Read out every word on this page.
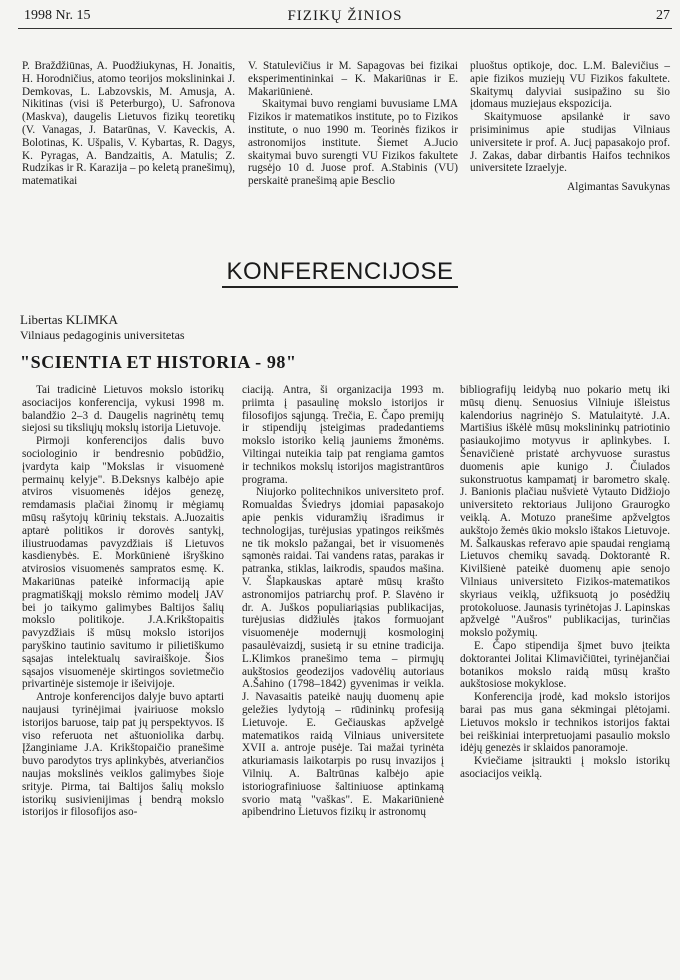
1998 Nr. 15	FIZIKŲ ŽINIOS	27

P. Braždžiūnas, A. Puodžiukynas, H. Jonaitis, H. Horodničius, atomo teorijos mokslininkai J. Demkovas, L. Labzovskis, M. Amusja, A. Nikitinas (visi iš Peterburgo), U. Safronova (Maskva), daugelis Lietuvos fizikų teoretikų (V. Vanagas, J. Batarūnas, V. Kaveckis, A. Bolotinas, K. Ušpalis, V. Kybartas, R. Dagys, K. Pyragas, A. Bandzaitis, A. Matulis; Z. Rudzikas ir R. Karazija – po keletą pranešimų), matematikai

V. Statulevičius ir M. Sapagovas bei fizikai eksperimentininkai – K. Makariūnas ir E. Makariūnienė.

Skaitymai buvo rengiami buvusiame LMA Fizikos ir matematikos institute, po to Fizikos institute, o nuo 1990 m. Teorinės fizikos ir astronomijos institute. Šiemet A.Jucio skaitymai buvo surengti VU Fizikos fakultete rugsėjo 10 d. Juose prof. A.Stabinis (VU) perskaitė pranešimą apie Besclio

pluoštus optikoje, doc. L.M. Balevičius – apie fizikos muziejų VU Fizikos fakultete. Skaitymų dalyviai susipažino su šio įdomaus muziejaus ekspozicija.

Skaitymuose apsilankė ir savo prisiminimus apie studijas Vilniaus universitete ir prof. A. Jucį papasakojo prof. J. Zakas, dabar dirbantis Haifos technikos universitete Izraelyje.

Algimantas Savukynas
KONFERENCIJOSE
Libertas KLIMKA
Vilniaus pedagoginis universitetas
"SCIENTIA ET HISTORIA - 98"

Tai tradicinė Lietuvos mokslo istorikų asociacijos konferencija, vykusi 1998 m. balandžio 2–3 d. Daugelis nagrinėtų temų siejosi su tiksliųjų mokslų istorija Lietuvoje.

Pirmoji konferencijos dalis buvo sociologinio ir bendresnio pobūdžio, įvardyta kaip "Mokslas ir visuomenė permainų kelyje". B.Deksnys kalbėjo apie atviros visuomenės idėjos genezę, remdamasis plačiai žinomų ir mėgiamų mūsų rašytojų kūrinių tekstais. A.Juozaitis aptarė politikos ir dorovės santykį, iliustruodamas pavyzdžiais iš Lietuvos kasdienybės. E. Morkūnienė išryškino atvirosios visuomenės sampratos esmę. K. Makariūnas pateikė informaciją apie pragmatiškąjį mokslo rėmimo modelį JAV bei jo taikymo galimybes Baltijos šalių mokslo politikoje. J.A.Krikštopaitis pavyzdžiais iš mūsų mokslo istorijos paryškino tautinio savitumo ir pilietiškumo sąsajas intelektualų saviraiškoje. Šios sąsajos visuomenėje skirtingos sovietmečio privartinėje sistemoje ir išeivijoje.

Antroje konferencijos dalyje buvo aptarti naujausi tyrinėjimai įvairiuose mokslo istorijos baruose, taip pat jų perspektyvos. Iš viso referuota net aštuoniolika darbų. Įžanginiame J.A. Krikštopaičio pranešime buvo parodytos trys aplinkybės, atveriančios naujas mokslinės veiklos galimybes šioje srityje. Pirma, tai Baltijos šalių mokslo istorikų susivienijimas į bendrą mokslo istorijos ir filosofijos aso-

ciaciją. Antra, ši organizacija 1993 m. priimta į pasaulinę mokslo istorijos ir filosofijos sąjungą. Trečia, E. Čapo premijų ir stipendijų įsteigimas pradedantiems mokslo istoriko kelią jauniems žmonėms. Viltingai nuteikia taip pat rengiama gamtos ir technikos mokslų istorijos magistrantūros programa.

Niujorko politechnikos universiteto prof. Romualdas Šviedrys įdomiai papasakojo apie penkis viduramžių išradimus ir technologijas, turėjusias ypatingos reikšmės ne tik mokslo pažangai, bet ir visuomenės sąmonės raidai. Tai vandens ratas, parakas ir patranka, stiklas, laikrodis, spaudos mašina. V. Šlapkauskas aptarė mūsų krašto astronomijos patriarchų prof. P. Slavėno ir dr. A. Juškos populiariąsias publikacijas, turėjusias didžiulės įtakos formuojant visuomenėje modernųjį kosmologinį pasaulėvaizdį, susietą ir su etnine tradicija. L.Klimkos pranešimo tema – pirmųjų aukštosios geodezijos vadovėlių autoriaus A.Šahino (1798–1842) gyvenimas ir veikla. J. Navasaitis pateikė naujų duomenų apie geležies lydytoją – rūdininkų profesiją Lietuvoje. E. Gečiauskas apžvelgė matematikos raidą Vilniaus universitete XVII a. antroje pusėje. Tai mažai tyrinėta atkuriamasis laikotarpis po rusų invazijos į Vilnių. A. Baltrūnas kalbėjo apie istoriografiniuose šaltiniuose aptinkamą svorio matą "vaškas". E. Makariūnienė apibendrino Lietuvos fizikų ir astronomų

bibliografijų leidybą nuo pokario metų iki mūsų dienų. Senuosius Vilniuje išleistus kalendorius nagrinėjo S. Matulaitytė. J.A. Martišius iškėlė mūsų mokslininkų patriotinio pasiaukojimo motyvus ir aplinkybes. I. Šenavičienė pristatė archyvuose surastus duomenis apie kunigo J. Čiulados sukonstruotus kampamatį ir barometro skalę. J. Banionis plačiau nušvietė Vytauto Didžiojo universiteto rektoriaus Julijono Graurogko veiklą. A. Motuzo pranešime apžvelgtos aukštojo žemės ūkio mokslo ištakos Lietuvoje. M. Šalkauskas referavo apie spaudai rengiamą Lietuvos chemikų savadą. Doktorantė R. Kivilšienė pateikė duomenų apie senojo Vilniaus universiteto Fizikos-matematikos skyriaus veiklą, užfiksuotą jo posėdžių protokoluose. Jaunasis tyrinėtojas J. Lapinskas apžvelgė "Aušros" publikacijas, turinčias mokslo požymių.

E. Čapo stipendija šįmet buvo įteikta doktorantei Jolitai Klimavičiūtei, tyrinėjančiai botanikos mokslo raidą mūsų krašto aukštosiose mokyklose.

Konferencija įrodė, kad mokslo istorijos barai pas mus gana sėkmingai plėtojami. Lietuvos mokslo ir technikos istorijos faktai bei reiškiniai interpretuojami pasaulio mokslo idėjų genezės ir sklaidos panoramoje.

Kviečiame įsitraukti į mokslo istorikų asociacijos veiklą.
